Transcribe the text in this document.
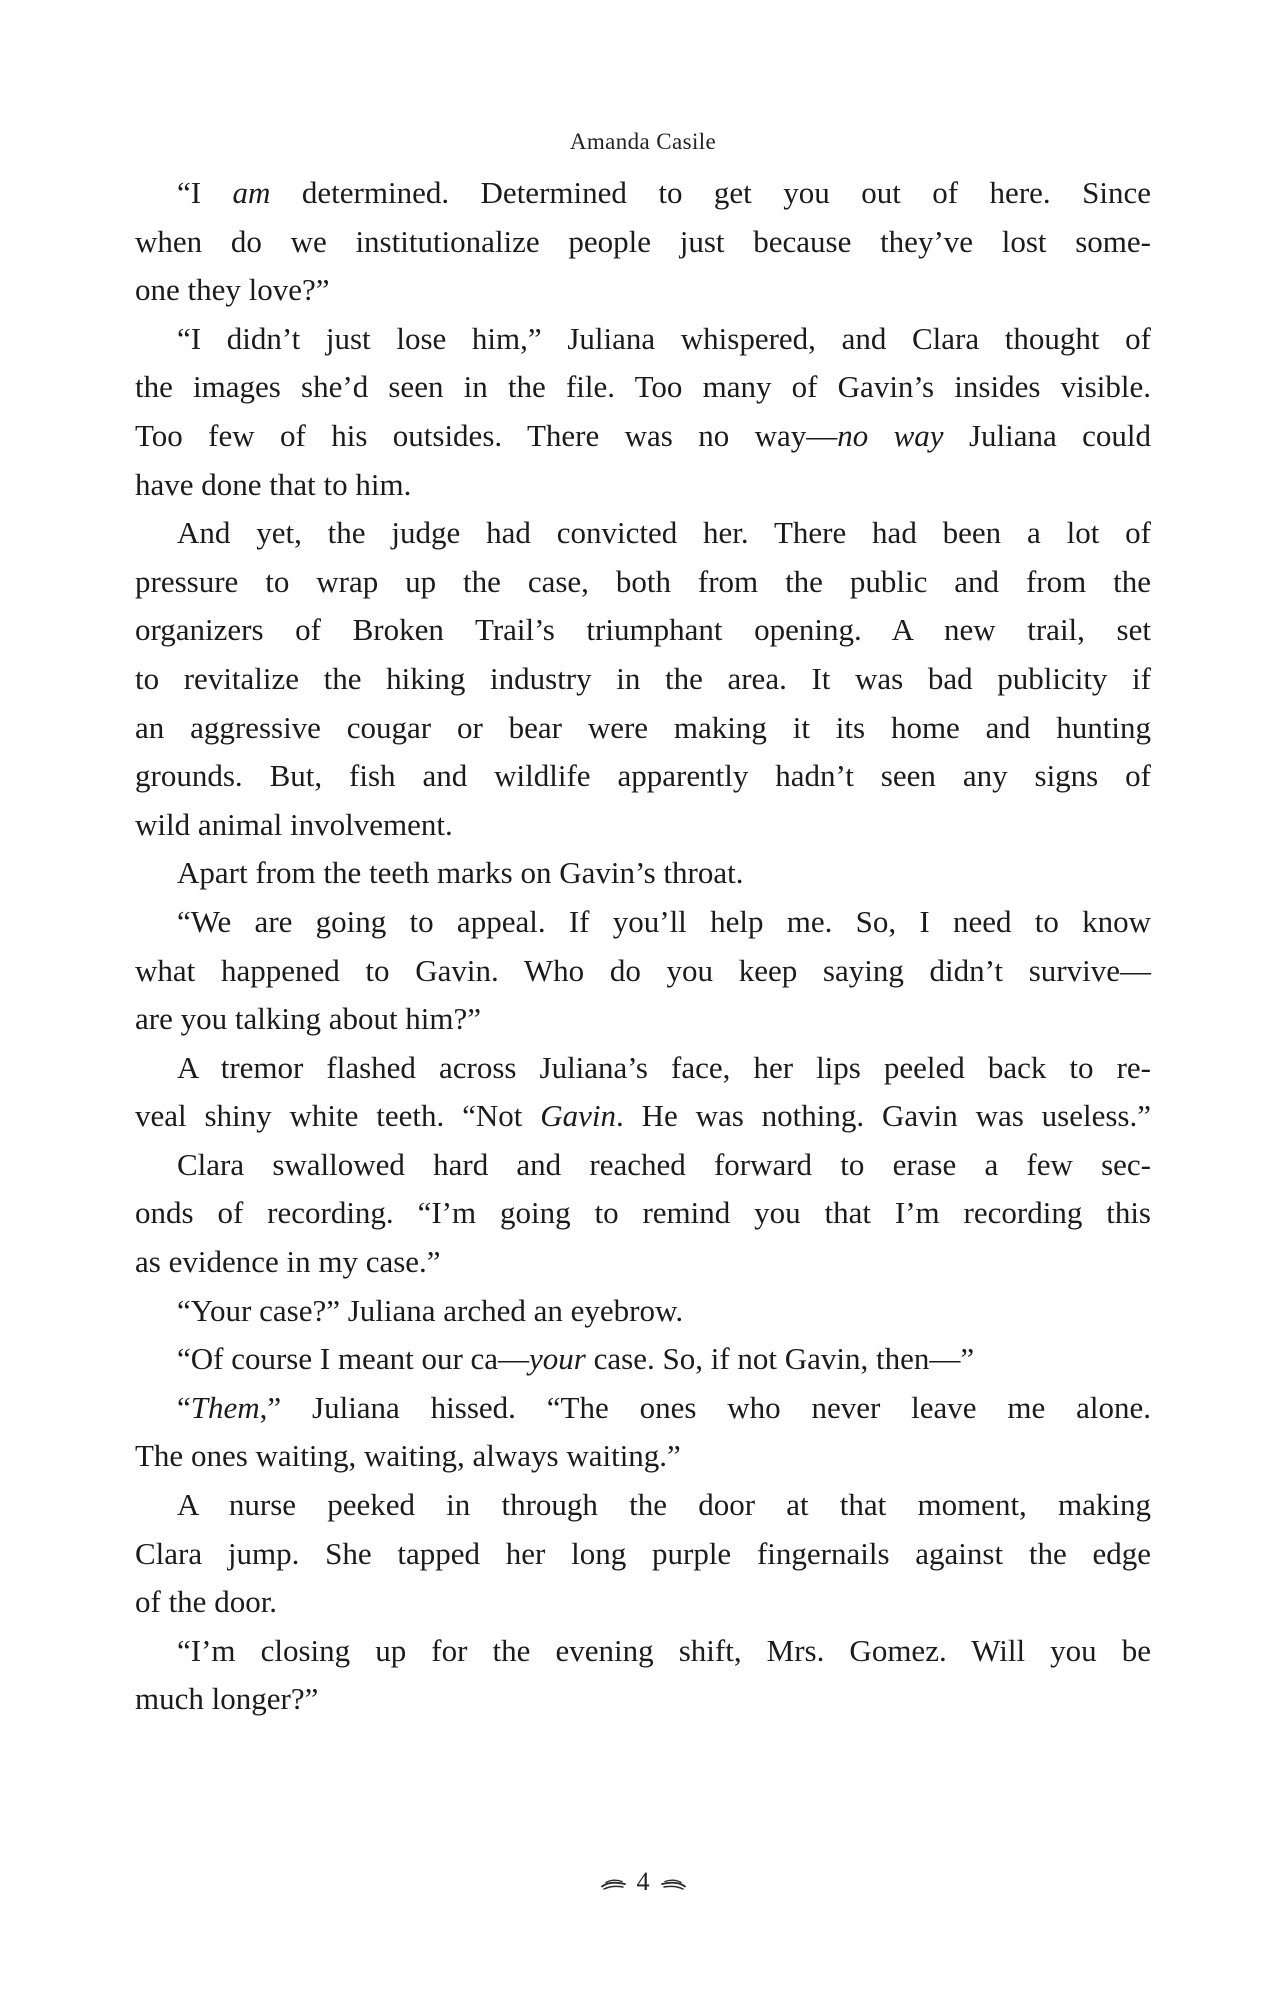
Amanda Casile
“I am determined. Determined to get you out of here. Since
when do we institutionalize people just because they’ve lost some-
one they love?”
“I didn’t just lose him,” Juliana whispered, and Clara thought of
the images she’d seen in the file. Too many of Gavin’s insides visible.
Too few of his outsides. There was no way—no way Juliana could
have done that to him.
And yet, the judge had convicted her. There had been a lot of
pressure to wrap up the case, both from the public and from the
organizers of Broken Trail’s triumphant opening. A new trail, set
to revitalize the hiking industry in the area. It was bad publicity if
an aggressive cougar or bear were making it its home and hunting
grounds. But, fish and wildlife apparently hadn’t seen any signs of
wild animal involvement.
Apart from the teeth marks on Gavin’s throat.
“We are going to appeal. If you’ll help me. So, I need to know
what happened to Gavin. Who do you keep saying didn’t survive—
are you talking about him?”
A tremor flashed across Juliana’s face, her lips peeled back to re-
veal shiny white teeth. “Not Gavin. He was nothing. Gavin was useless.”
Clara swallowed hard and reached forward to erase a few sec-
onds of recording. “I’m going to remind you that I’m recording this
as evidence in my case.”
“Your case?” Juliana arched an eyebrow.
“Of course I meant our ca—your case. So, if not Gavin, then—”
“Them,” Juliana hissed. “The ones who never leave me alone.
The ones waiting, waiting, always waiting.”
A nurse peeked in through the door at that moment, making
Clara jump. She tapped her long purple fingernails against the edge
of the door.
“I’m closing up for the evening shift, Mrs. Gomez. Will you be
much longer?”
4
